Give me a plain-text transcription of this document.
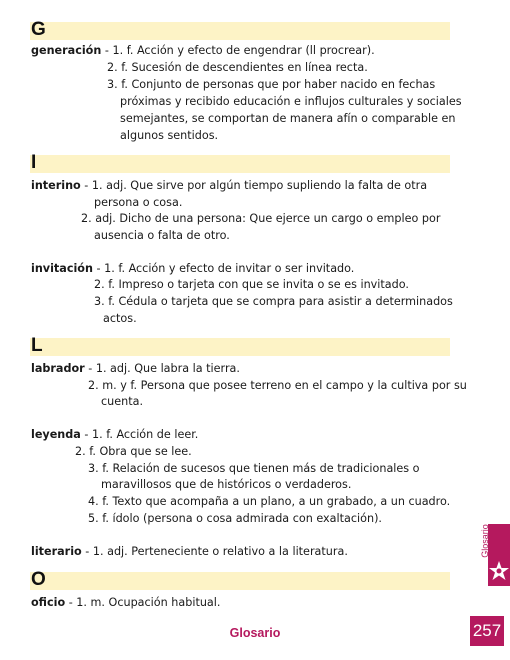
G
generación - 1. f. Acción y efecto de engendrar (ll procrear).
2. f. Sucesión de descendientes en línea recta.
3. f. Conjunto de personas que por haber nacido en fechas
próximas y recibido educación e influjos culturales y sociales
semejantes, se comportan de manera afín o comparable en
algunos sentidos.
I
interino - 1. adj. Que sirve por algún tiempo supliendo la falta de otra
persona o cosa.
2. adj. Dicho de una persona: Que ejerce un cargo o empleo por
ausencia o falta de otro.
invitación - 1. f. Acción y efecto de invitar o ser invitado.
2. f. Impreso o tarjeta con que se invita o se es invitado.
3. f. Cédula o tarjeta que se compra para asistir a determinados
actos.
L
labrador - 1. adj. Que labra la tierra.
2. m. y f. Persona que posee terreno en el campo y la cultiva por su
cuenta.
leyenda - 1. f. Acción de leer.
2. f. Obra que se lee.
3. f. Relación de sucesos que tienen más de tradicionales o
maravillosos que de históricos o verdaderos.
4. f. Texto que acompaña a un plano, a un grabado, a un cuadro.
5. f. ídolo (persona o cosa admirada con exaltación).
literario - 1. adj. Perteneciente o relativo a la literatura.
O
oficio - 1. m. Ocupación habitual.
Glosario
Glosario	257
